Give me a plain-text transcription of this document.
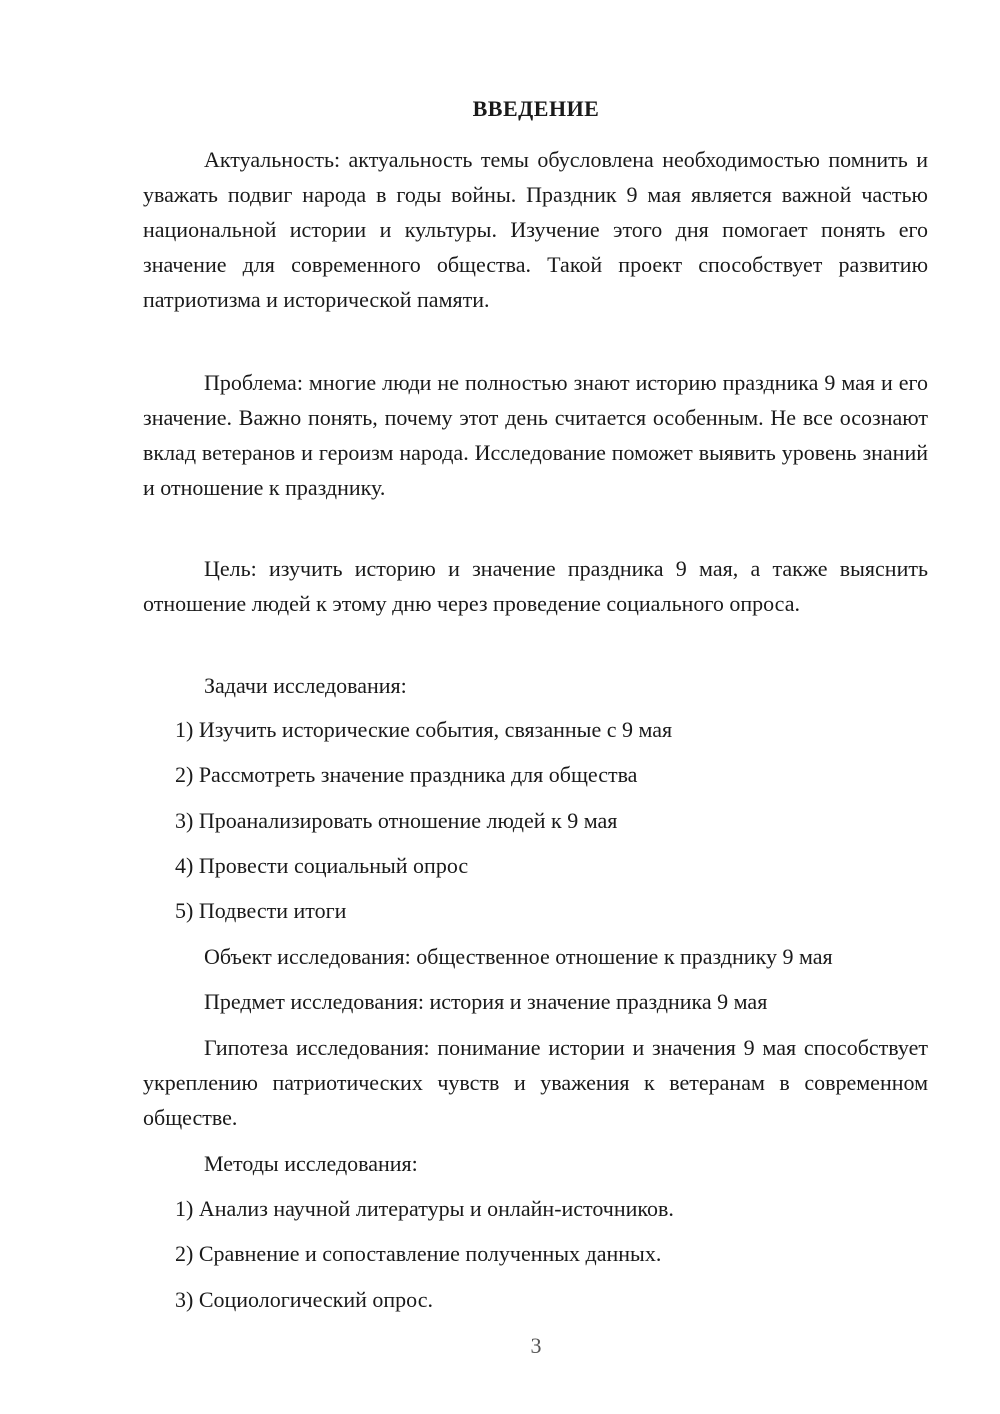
ВВЕДЕНИЕ

Актуальность: актуальность темы обусловлена необходимостью помнить и уважать подвиг народа в годы войны. Праздник 9 мая является важной частью национальной истории и культуры. Изучение этого дня помогает понять его значение для современного общества. Такой проект способствует развитию патриотизма и исторической памяти.

Проблема: многие люди не полностью знают историю праздника 9 мая и его значение. Важно понять, почему этот день считается особенным. Не все осознают вклад ветеранов и героизм народа. Исследование поможет выявить уровень знаний и отношение к празднику.

Цель: изучить историю и значение праздника 9 мая, а также выяснить отношение людей к этому дню через проведение социального опроса.

Задачи исследования:

1) Изучить исторические события, связанные с 9 мая

2) Рассмотреть значение праздника для общества

3) Проанализировать отношение людей к 9 мая

4) Провести социальный опрос

5) Подвести итоги

Объект исследования: общественное отношение к празднику 9 мая

Предмет исследования: история и значение праздника 9 мая

Гипотеза исследования: понимание истории и значения 9 мая способствует укреплению патриотических чувств и уважения к ветеранам в современном обществе.

Методы исследования:

1) Анализ научной литературы и онлайн-источников.

2) Сравнение и сопоставление полученных данных.

3) Социологический опрос.

3
